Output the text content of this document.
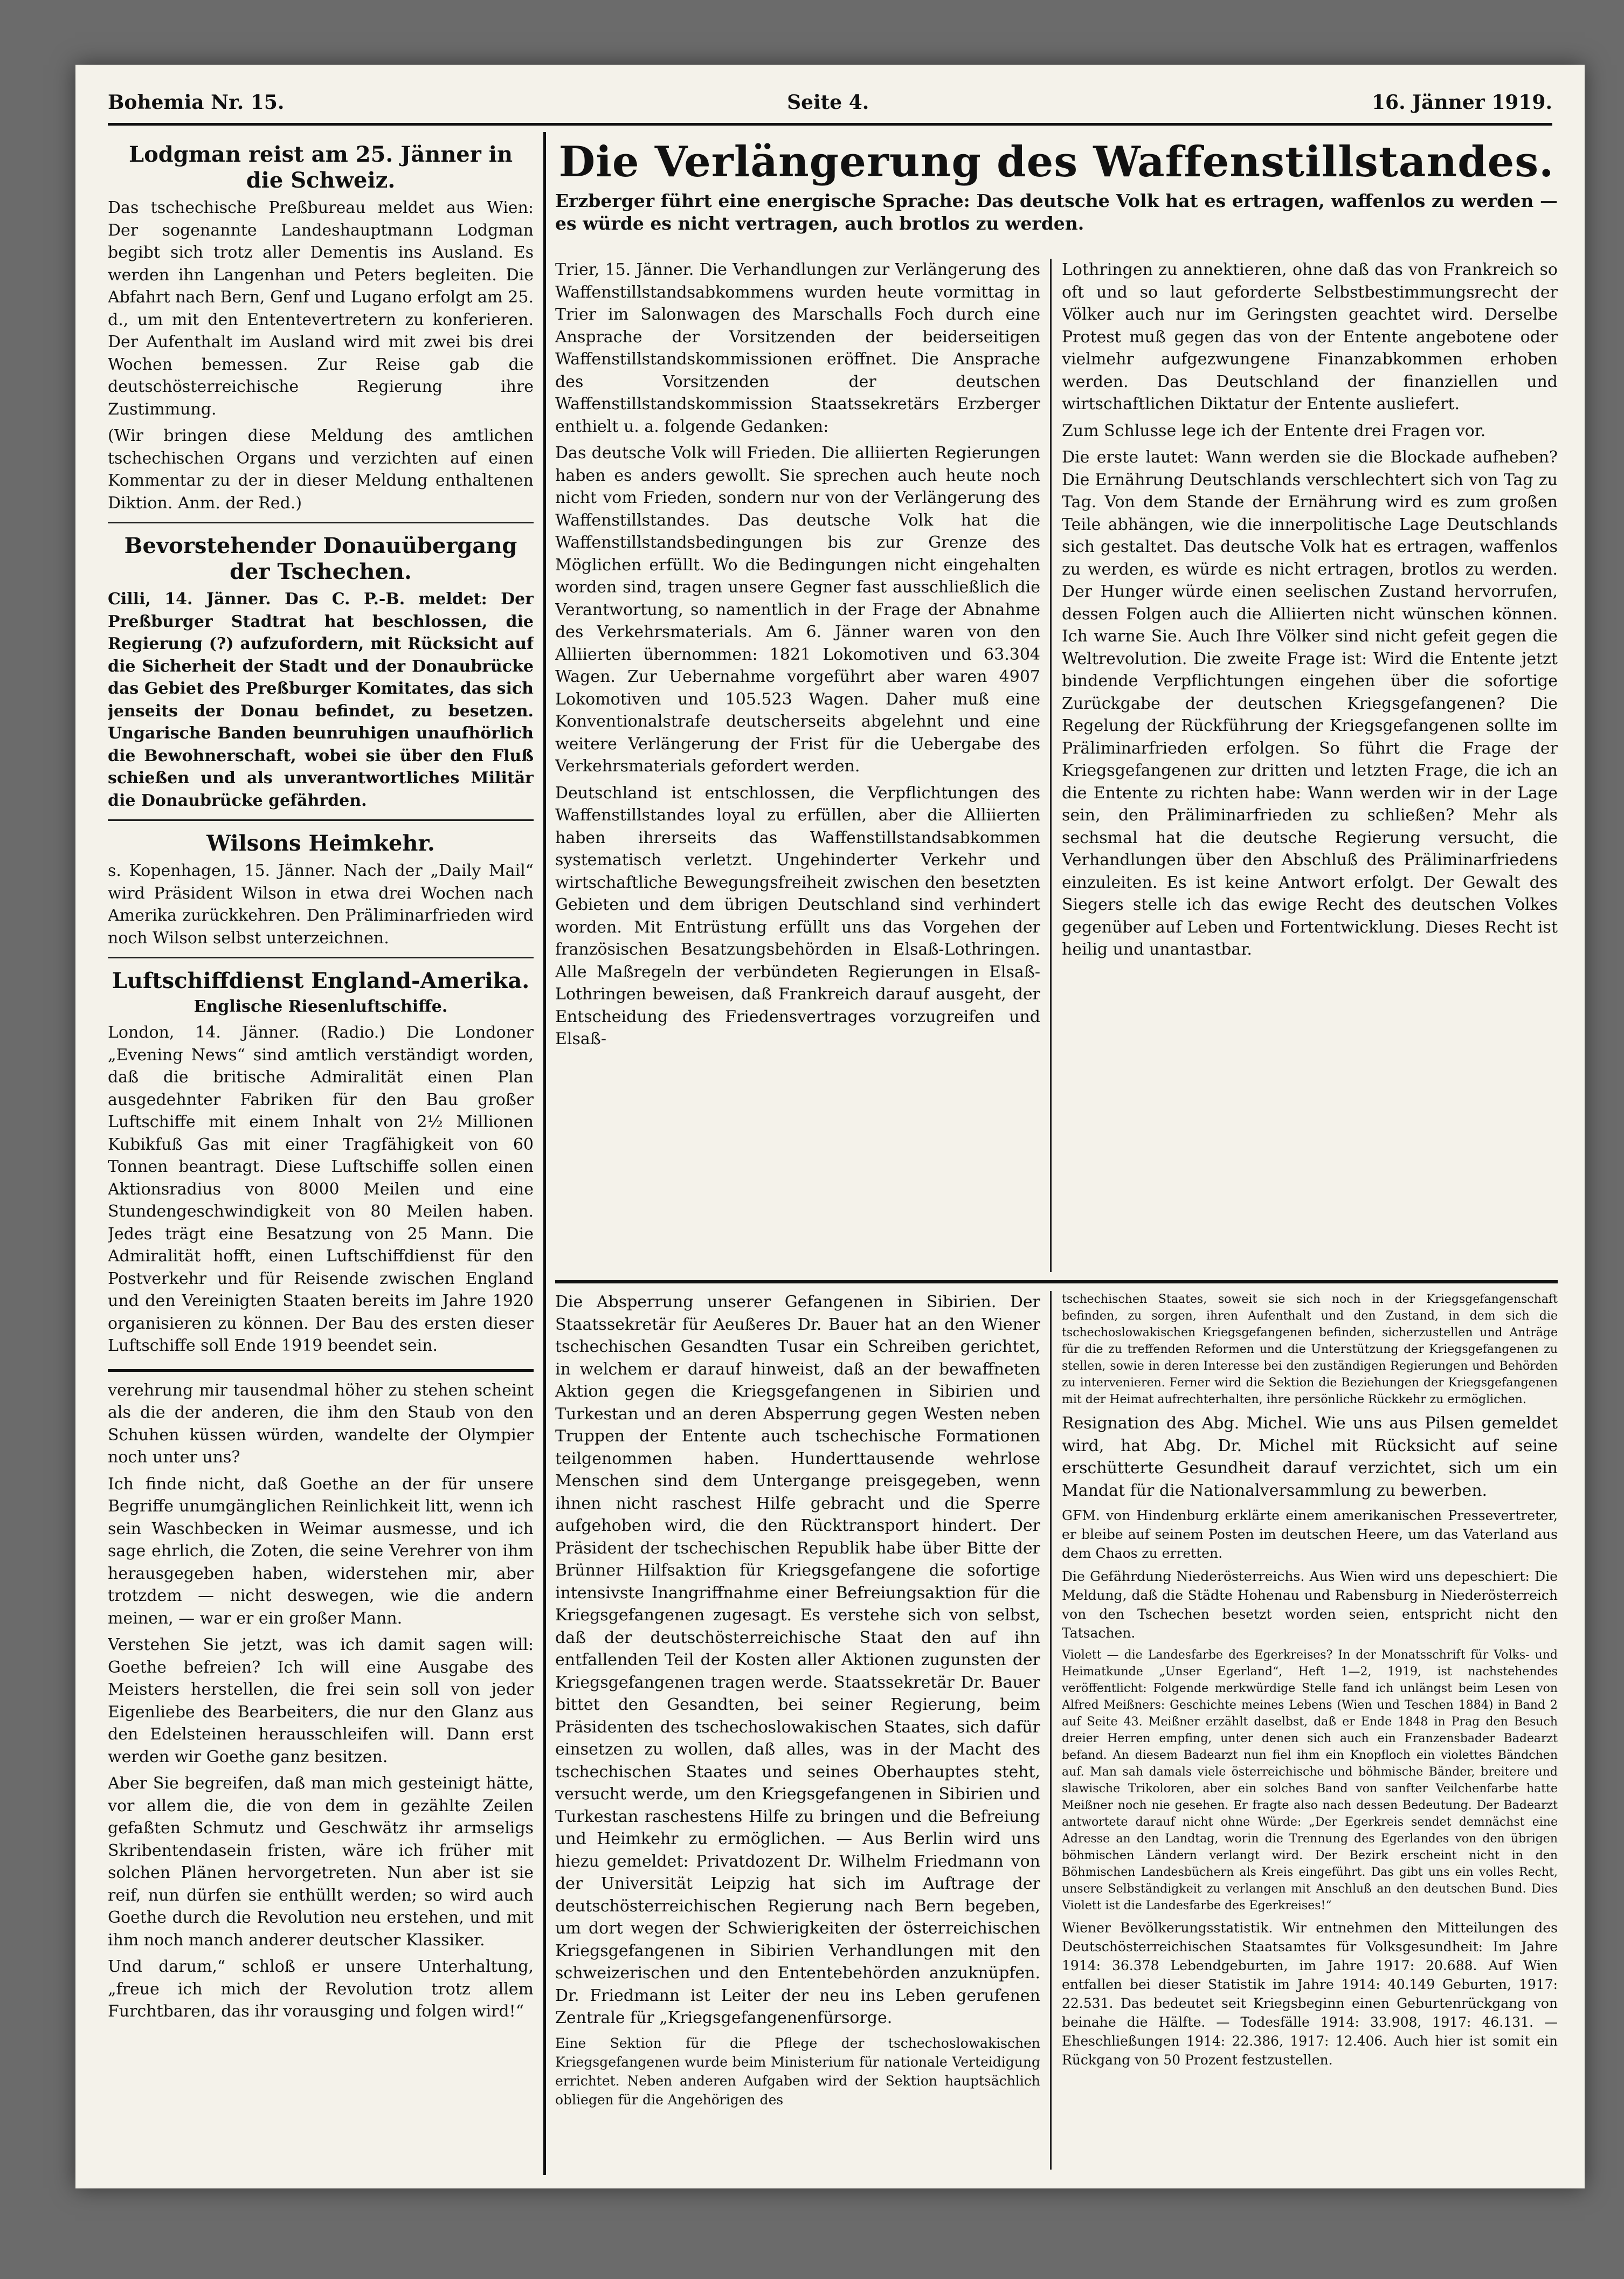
Bohemia Nr. 15.	Seite 4.	16. Jänner 1919.
Lodgman reist am 25. Jänner in die Schweiz.

Das tschechische Preßbureau meldet aus Wien: Der sogenannte Landeshauptmann Lodgman begibt sich trotz aller Dementis ins Ausland. Es werden ihn Langenhan und Peters begleiten. Die Abfahrt nach Bern, Genf und Lugano erfolgt am 25. d., um mit den Ententevertretern zu konferieren. Der Aufenthalt im Ausland wird mit zwei bis drei Wochen bemessen. Zur Reise gab die deutschösterreichische Regierung ihre Zustimmung.

(Wir bringen diese Meldung des amtlichen tschechischen Organs und verzichten auf einen Kommentar zu der in dieser Meldung enthaltenen Diktion. Anm. der Red.)

Bevorstehender Donauübergang der Tschechen.

Cilli, 14. Jänner. Das C. P.-B. meldet: Der Preßburger Stadtrat hat beschlossen, die Regierung (?) aufzufordern, mit Rücksicht auf die Sicherheit der Stadt und der Donaubrücke das Gebiet des Preßburger Komitates, das sich jenseits der Donau befindet, zu besetzen. Ungarische Banden beunruhigen unaufhörlich die Bewohnerschaft, wobei sie über den Fluß schießen und als unverantwortliches Militär die Donaubrücke gefährden.

Wilsons Heimkehr.

s. Kopenhagen, 15. Jänner. Nach der „Daily Mail“ wird Präsident Wilson in etwa drei Wochen nach Amerika zurückkehren. Den Präliminarfrieden wird noch Wilson selbst unterzeichnen.

Luftschiffdienst England-Amerika.
Englische Riesenluftschiffe.

London, 14. Jänner. (Radio.) Die Londoner „Evening News“ sind amtlich verständigt worden, daß die britische Admiralität einen Plan ausgedehnter Fabriken für den Bau großer Luftschiffe mit einem Inhalt von 2½ Millionen Kubikfuß Gas mit einer Tragfähigkeit von 60 Tonnen beantragt. Diese Luftschiffe sollen einen Aktionsradius von 8000 Meilen und eine Stundengeschwindigkeit von 80 Meilen haben. Jedes trägt eine Besatzung von 25 Mann. Die Admiralität hofft, einen Luftschiffdienst für den Postverkehr und für Reisende zwischen England und den Vereinigten Staaten bereits im Jahre 1920 organisieren zu können. Der Bau des ersten dieser Luftschiffe soll Ende 1919 beendet sein.

verehrung mir tausendmal höher zu stehen scheint als die der anderen, die ihm den Staub von den Schuhen küssen würden, wandelte der Olympier noch unter uns?

Ich finde nicht, daß Goethe an der für unsere Begriffe unumgänglichen Reinlichkeit litt, wenn ich sein Waschbecken in Weimar ausmesse, und ich sage ehrlich, die Zoten, die seine Verehrer von ihm herausgegeben haben, widerstehen mir, aber trotzdem — nicht deswegen, wie die andern meinen, — war er ein großer Mann.

Verstehen Sie jetzt, was ich damit sagen will: Goethe befreien? Ich will eine Ausgabe des Meisters herstellen, die frei sein soll von jeder Eigenliebe des Bearbeiters, die nur den Glanz aus den Edelsteinen herausschleifen will. Dann erst werden wir Goethe ganz besitzen.

Aber Sie begreifen, daß man mich gesteinigt hätte, vor allem die, die von dem in gezählte Zeilen gefaßten Schmutz und Geschwätz ihr armseligs Skribentendasein fristen, wäre ich früher mit solchen Plänen hervorgetreten. Nun aber ist sie reif, nun dürfen sie enthüllt werden; so wird auch Goethe durch die Revolution neu erstehen, und mit ihm noch manch anderer deutscher Klassiker.

Und darum,“ schloß er unsere Unterhaltung, „freue ich mich der Revolution trotz allem Furchtbaren, das ihr vorausging und folgen wird!“

Die Verlängerung des Waffenstillstandes.
Erzberger führt eine energische Sprache: Das deutsche Volk hat es ertragen, waffenlos zu werden — es würde es nicht vertragen, auch brotlos zu werden.

Trier, 15. Jänner. Die Verhandlungen zur Verlängerung des Waffenstillstandsabkommens wurden heute vormittag in Trier im Salonwagen des Marschalls Foch durch eine Ansprache der Vorsitzenden der beiderseitigen Waffenstillstandskommissionen eröffnet. Die Ansprache des Vorsitzenden der deutschen Waffenstillstandskommission Staatssekretärs Erzberger enthielt u. a. folgende Gedanken:

Das deutsche Volk will Frieden. Die alliierten Regierungen haben es anders gewollt. Sie sprechen auch heute noch nicht vom Frieden, sondern nur von der Verlängerung des Waffenstillstandes. Das deutsche Volk hat die Waffenstillstandsbedingungen bis zur Grenze des Möglichen erfüllt. Wo die Bedingungen nicht eingehalten worden sind, tragen unsere Gegner fast ausschließlich die Verantwortung, so namentlich in der Frage der Abnahme des Verkehrsmaterials. Am 6. Jänner waren von den Alliierten übernommen: 1821 Lokomotiven und 63.304 Wagen. Zur Uebernahme vorgeführt aber waren 4907 Lokomotiven und 105.523 Wagen. Daher muß eine Konventionalstrafe deutscherseits abgelehnt und eine weitere Verlängerung der Frist für die Uebergabe des Verkehrsmaterials gefordert werden.

Deutschland ist entschlossen, die Verpflichtungen des Waffenstillstandes loyal zu erfüllen, aber die Alliierten haben ihrerseits das Waffenstillstandsabkommen systematisch verletzt. Ungehinderter Verkehr und wirtschaftliche Bewegungsfreiheit zwischen den besetzten Gebieten und dem übrigen Deutschland sind verhindert worden. Mit Entrüstung erfüllt uns das Vorgehen der französischen Besatzungsbehörden in Elsaß-Lothringen. Alle Maßregeln der verbündeten Regierungen in Elsaß-Lothringen beweisen, daß Frankreich darauf ausgeht, der Entscheidung des Friedensvertrages vorzugreifen und Elsaß-

Lothringen zu annektieren, ohne daß das von Frankreich so oft und so laut geforderte Selbstbestimmungsrecht der Völker auch nur im Geringsten geachtet wird. Derselbe Protest muß gegen das von der Entente angebotene oder vielmehr aufgezwungene Finanzabkommen erhoben werden. Das Deutschland der finanziellen und wirtschaftlichen Diktatur der Entente ausliefert.

Zum Schlusse lege ich der Entente drei Fragen vor.

Die erste lautet: Wann werden sie die Blockade aufheben? Die Ernährung Deutschlands verschlechtert sich von Tag zu Tag. Von dem Stande der Ernährung wird es zum großen Teile abhängen, wie die innerpolitische Lage Deutschlands sich gestaltet. Das deutsche Volk hat es ertragen, waffenlos zu werden, es würde es nicht ertragen, brotlos zu werden. Der Hunger würde einen seelischen Zustand hervorrufen, dessen Folgen auch die Alliierten nicht wünschen können. Ich warne Sie. Auch Ihre Völker sind nicht gefeit gegen die Weltrevolution. Die zweite Frage ist: Wird die Entente jetzt bindende Verpflichtungen eingehen über die sofortige Zurückgabe der deutschen Kriegsgefangenen? Die Regelung der Rückführung der Kriegsgefangenen sollte im Präliminarfrieden erfolgen. So führt die Frage der Kriegsgefangenen zur dritten und letzten Frage, die ich an die Entente zu richten habe: Wann werden wir in der Lage sein, den Präliminarfrieden zu schließen? Mehr als sechsmal hat die deutsche Regierung versucht, die Verhandlungen über den Abschluß des Präliminarfriedens einzuleiten. Es ist keine Antwort erfolgt. Der Gewalt des Siegers stelle ich das ewige Recht des deutschen Volkes gegenüber auf Leben und Fortentwicklung. Dieses Recht ist heilig und unantastbar.

Die Absperrung unserer Gefangenen in Sibirien. Der Staatssekretär für Aeußeres Dr. Bauer hat an den Wiener tschechischen Gesandten Tusar ein Schreiben gerichtet, in welchem er darauf hinweist, daß an der bewaffneten Aktion gegen die Kriegsgefangenen in Sibirien und Turkestan und an deren Absperrung gegen Westen neben Truppen der Entente auch tschechische Formationen teilgenommen haben. Hunderttausende wehrlose Menschen sind dem Untergange preisgegeben, wenn ihnen nicht raschest Hilfe gebracht und die Sperre aufgehoben wird, die den Rücktransport hindert. Der Präsident der tschechischen Republik habe über Bitte der Brünner Hilfsaktion für Kriegsgefangene die sofortige intensivste Inangriffnahme einer Befreiungsaktion für die Kriegsgefangenen zugesagt. Es verstehe sich von selbst, daß der deutschösterreichische Staat den auf ihn entfallenden Teil der Kosten aller Aktionen zugunsten der Kriegsgefangenen tragen werde. Staatssekretär Dr. Bauer bittet den Gesandten, bei seiner Regierung, beim Präsidenten des tschechoslowakischen Staates, sich dafür einsetzen zu wollen, daß alles, was in der Macht des tschechischen Staates und seines Oberhauptes steht, versucht werde, um den Kriegsgefangenen in Sibirien und Turkestan raschestens Hilfe zu bringen und die Befreiung und Heimkehr zu ermöglichen. — Aus Berlin wird uns hiezu gemeldet: Privatdozent Dr. Wilhelm Friedmann von der Universität Leipzig hat sich im Auftrage der deutschösterreichischen Regierung nach Bern begeben, um dort wegen der Schwierigkeiten der österreichischen Kriegsgefangenen in Sibirien Verhandlungen mit den schweizerischen und den Ententebehörden anzuknüpfen. Dr. Friedmann ist Leiter der neu ins Leben gerufenen Zentrale für „Kriegsgefangenenfürsorge.

Eine Sektion für die Pflege der tschechoslowakischen Kriegsgefangenen wurde beim Ministerium für nationale Verteidigung errichtet. Neben anderen Aufgaben wird der Sektion hauptsächlich obliegen für die Angehörigen des

tschechischen Staates, soweit sie sich noch in der Kriegsgefangenschaft befinden, zu sorgen, ihren Aufenthalt und den Zustand, in dem sich die tschechoslowakischen Kriegsgefangenen befinden, sicherzustellen und Anträge für die zu treffenden Reformen und die Unterstützung der Kriegsgefangenen zu stellen, sowie in deren Interesse bei den zuständigen Regierungen und Behörden zu intervenieren. Ferner wird die Sektion die Beziehungen der Kriegsgefangenen mit der Heimat aufrechterhalten, ihre persönliche Rückkehr zu ermöglichen.

Resignation des Abg. Michel. Wie uns aus Pilsen gemeldet wird, hat Abg. Dr. Michel mit Rücksicht auf seine erschütterte Gesundheit darauf verzichtet, sich um ein Mandat für die Nationalversammlung zu bewerben.

GFM. von Hindenburg erklärte einem amerikanischen Pressevertreter, er bleibe auf seinem Posten im deutschen Heere, um das Vaterland aus dem Chaos zu erretten.

Die Gefährdung Niederösterreichs. Aus Wien wird uns depeschiert: Die Meldung, daß die Städte Hohenau und Rabensburg in Niederösterreich von den Tschechen besetzt worden seien, entspricht nicht den Tatsachen.

Violett — die Landesfarbe des Egerkreises? In der Monatsschrift für Volks- und Heimatkunde „Unser Egerland“, Heft 1—2, 1919, ist nachstehendes veröffentlicht: Folgende merkwürdige Stelle fand ich unlängst beim Lesen von Alfred Meißners: Geschichte meines Lebens (Wien und Teschen 1884) in Band 2 auf Seite 43. Meißner erzählt daselbst, daß er Ende 1848 in Prag den Besuch dreier Herren empfing, unter denen sich auch ein Franzensbader Badearzt befand. An diesem Badearzt nun fiel ihm ein Knopfloch ein violettes Bändchen auf. Man sah damals viele österreichische und böhmische Bänder, breitere und slawische Trikoloren, aber ein solches Band von sanfter Veilchenfarbe hatte Meißner noch nie gesehen. Er fragte also nach dessen Bedeutung. Der Badearzt antwortete darauf nicht ohne Würde: „Der Egerkreis sendet demnächst eine Adresse an den Landtag, worin die Trennung des Egerlandes von den übrigen böhmischen Ländern verlangt wird. Der Bezirk erscheint nicht in den Böhmischen Landesbüchern als Kreis eingeführt. Das gibt uns ein volles Recht, unsere Selbständigkeit zu verlangen mit Anschluß an den deutschen Bund. Dies Violett ist die Landesfarbe des Egerkreises!“

Wiener Bevölkerungsstatistik. Wir entnehmen den Mitteilungen des Deutschösterreichischen Staatsamtes für Volksgesundheit: Im Jahre 1914: 36.378 Lebendgeburten, im Jahre 1917: 20.688. Auf Wien entfallen bei dieser Statistik im Jahre 1914: 40.149 Geburten, 1917: 22.531. Das bedeutet seit Kriegsbeginn einen Geburtenrückgang von beinahe die Hälfte. — Todesfälle 1914: 33.908, 1917: 46.131. — Eheschließungen 1914: 22.386, 1917: 12.406. Auch hier ist somit ein Rückgang von 50 Prozent festzustellen.
